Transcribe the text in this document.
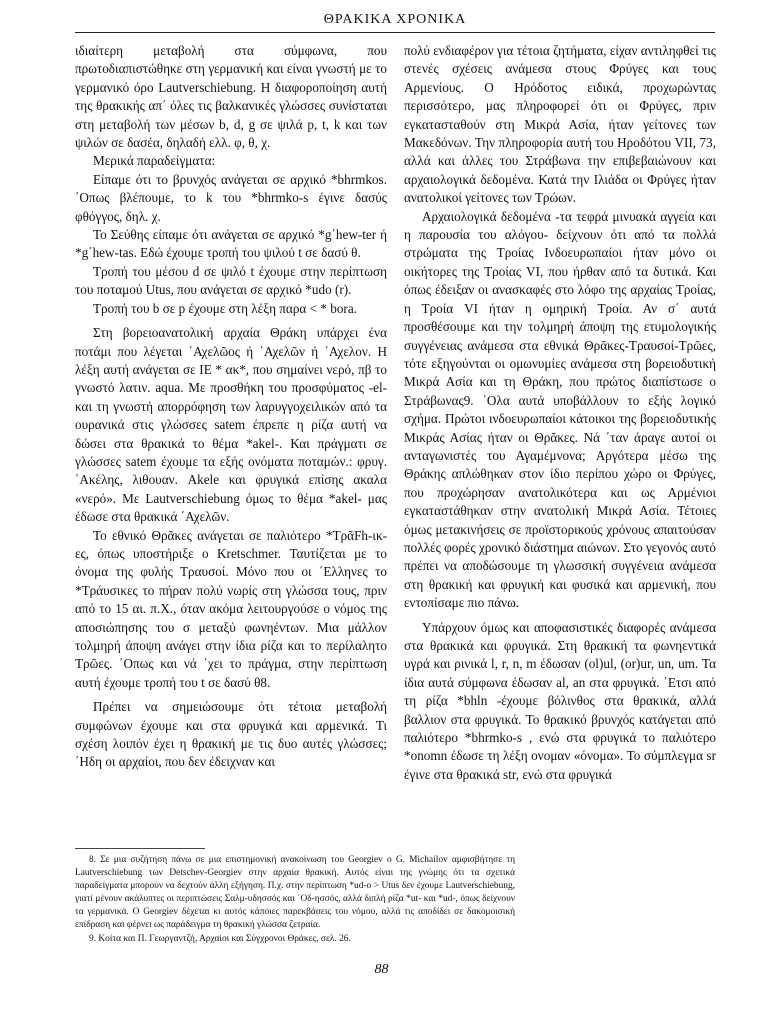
ΘΡΑΚΙΚΑ ΧΡΟΝΙΚΑ

ιδιαίτερη μεταβολή στα σύμφωνα, που πρωτοδιαπιστώθηκε στη γερμανική και είναι γνωστή με το γερμανικό όρο Lautverschiebung. Η διαφοροποίηση αυτή της θρακικής απ΄ όλες τις βαλκανικές γλώσσες συνίσταται στη μεταβολή των μέσων b, d, g σε ψιλά p, t, k και των ψιλών σε δασέα, δηλαδή ελλ. φ, θ, χ.

Μερικά παραδείγματα:

Είπαμε ότι το βρυνχός ανάγεται σε αρχικό *bhrmkos. ΄Οπως βλέπουμε, το k του *bhrmko-s έγινε δασύς φθόγγος, δηλ. χ.

Το Σεύθης είπαμε ότι ανάγεται σε αρχικό *g΄hew-ter ή *g΄hew-tas. Εδώ έχουμε τροπή του ψιλού t σε δασύ θ.

Τροπή του μέσου d σε ψιλό t έχουμε στην περίπτωση του ποταμού Utus, που ανάγεται σε αρχικό *udo (r).

Τροπή του b σε p έχουμε στη λέξη παρα < * bora.

Στη βορειοανατολική αρχαία Θράκη υπάρχει ένα ποτάμι που λέγεται ΄Αχελῶος ή ΄Αχελῶν ή ΄Αχελον. Η λέξη αυτή ανάγεται σε ΙΕ * ακ*, που σημαίνει νερό, πβ το γνωστό λατιν. aqua. Με προσθήκη του προσφύματος -el- και τη γνωστή απορρόφηση των λαρυγγοχειλικών από τα ουρανικά στις γλώσσες satem έπρεπε η ρίζα αυτή να δώσει στα θρακικά το θέμα *akel-. Και πράγματι σε γλώσσες satem έχουμε τα εξής ονόματα ποταμών.: φρυγ. ΄Ακέλης, λιθουαν. Akele και φρυγικά επίσης ακαλα «νερό». Με Lautverschiebung όμως το θέμα *akel- μας έδωσε στα θρακικά ΄Αχελῶν.

Το εθνικό Θρᾶκες ανάγεται σε παλιότερο *ΤρᾶFh-ικ-ες, όπως υποστήριξε ο Kretschmer. Ταυτίζεται με το όνομα της φυλής Τραυσοί. Μόνο που οι ΄Ελληνες το *Τράυσικες το πήραν πολύ νωρίς στη γλώσσα τους, πριν από το 15 αι. π.Χ., όταν ακόμα λειτουργούσε ο νόμος της αποσιώπησης του σ μεταξύ φωνηέντων. Μια μάλλον τολμηρή άποψη ανάγει στην ίδια ρίζα και το περίλαλητο Τρῶες. ΄Οπως και νά ΄χει το πράγμα, στην περίπτωση αυτή έχουμε τροπή του t σε δασύ θ8.

Πρέπει να σημειώσουμε ότι τέτοια μεταβολή συμφώνων έχουμε και στα φρυγικά και αρμενικά. Τι σχέση λοιπόν έχει η θρακική με τις δυο αυτές γλώσσες; ΄Ηδη οι αρχαίοι, που δεν έδειχναν και

πολύ ενδιαφέρον για τέτοια ζητήματα, είχαν αντιληφθεί τις στενές σχέσεις ανάμεσα στους Φρύγες και τους Αρμενίους. Ο Ηρόδοτος ειδικά, προχωρώντας περισσότερο, μας πληροφορεί ότι οι Φρύγες, πριν εγκατασταθούν στη Μικρά Ασία, ήταν γείτονες των Μακεδόνων. Την πληροφορία αυτή του Ηροδότου VII, 73, αλλά και άλλες του Στράβωνα την επιβεβαιώνουν και αρχαιολογικά δεδομένα. Κατά την Ιλιάδα οι Φρύγες ήταν ανατολικοί γείτονες των Τρώων.

Αρχαιολογικά δεδομένα -τα τεφρά μινυακά αγγεία και η παρουσία του αλόγου- δείχνουν ότι από τα πολλά στρώματα της Τροίας Ινδοευρωπαίοι ήταν μόνο οι οικήτορες της Τροίας VI, που ήρθαν από τα δυτικά. Και όπως έδειξαν οι ανασκαφές στο λόφο της αρχαίας Τροίας, η Τροία VI ήταν η ομηρική Τροία. Αν σ΄ αυτά προσθέσουμε και την τολμηρή άποψη της ετυμολογικής συγγένειας ανάμεσα στα εθνικά Θρᾶκες-Τραυσοί-Τρῶες, τότε εξηγούνται οι ομωνυμίες ανάμεσα στη βορειοδυτική Μικρά Ασία και τη Θράκη, που πρώτος διαπίστωσε ο Στράβωνας9. ΄Ολα αυτά υποβάλλουν το εξής λογικό σχήμα. Πρώτοι ινδοευρωπαίοι κάτοικοι της βορειοδυτικής Μικράς Ασίας ήταν οι Θρᾶκες. Νά ΄ταν άραγε αυτοί οι ανταγωνιστές του Αγαμέμνονα; Αργότερα μέσω της Θράκης απλώθηκαν στον ίδιο περίπου χώρο οι Φρύγες, που προχώρησαν ανατολικότερα και ως Αρμένιοι εγκαταστάθηκαν στην ανατολική Μικρά Ασία. Τέτοιες όμως μετακινήσεις σε προϊστορικούς χρόνους απαιτούσαν πολλές φορές χρονικό διάστημα αιώνων. Στο γεγονός αυτό πρέπει να αποδώσουμε τη γλωσσική συγγένεια ανάμεσα στη θρακική και φρυγική και φυσικά και αρμενική, που εντοπίσαμε πιο πάνω.

Υπάρχουν όμως και αποφασιστικές διαφορές ανάμεσα στα θρακικά και φρυγικά. Στη θρακική τα φωνηεντικά υγρά και ρινικά l, r, n, m έδωσαν (ol)ul, (or)ur, un, um. Τα ίδια αυτά σύμφωνα έδωσαν al, an στα φρυγικά. ΄Ετσι από τη ρίζα *bhln -έχουμε βόλινθος στα θρακικά, αλλά βαλλιον στα φρυγικά. Το θρακικό βρυνχός κατάγεται από παλιότερο *bhrmko-s , ενώ στα φρυγικά το παλιότερο *onomn έδωσε τη λέξη ονομαν «όνομα». Το σύμπλεγμα sr έγινε στα θρακικά str, ενώ στα φρυγικά

8. Σε μια συζήτηση πάνω σε μια επιστημονική ανακοίνωση του Georgiev ο G. Michailov αμφισβήτησε τη Lautverschiebung των Detschev-Georgiev στην αρχαία θρακική. Αυτός είναι της γνώμης ότι τα σχετικά παραδείγματα μπορούν να δεχτούν άλλη εξήγηση. Π.χ. στην περίπτωση *ud-o > Utus δεν έχουμε Lautverschiebung, γιατί μένουν ακάλυπτες οι περιπτώσεις Σαλμ-υδησσός και ΄Οδ-ησσός, αλλά διπλή ρίζα *ut- και *ud-, όπως δείχνουν τα γερμανικά. Ο Georgiev δέχεται κι αυτός κάποιες παρεκβάσεις του νόμου, αλλά τις αποδίδει σε δακομοισική επίδραση και φέρνει ως παράδειγμα τη θρακική γλώσσα ζετραία.

9. Κοίτα και Π. Γεωργαντζή, Αρχαίοι και Σύγχρονοι Θράκες, σελ. 26.

88
